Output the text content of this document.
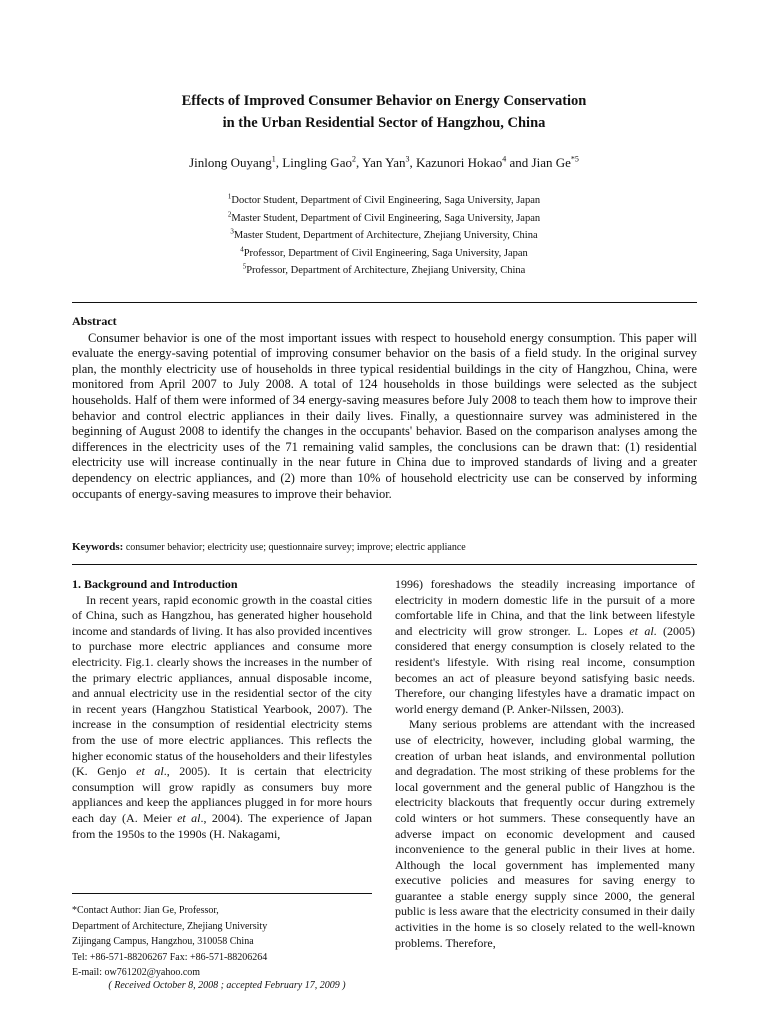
Effects of Improved Consumer Behavior on Energy Conservation
in the Urban Residential Sector of Hangzhou, China
Jinlong Ouyang$^1$, Lingling Gao$^2$, Yan Yan$^3$, Kazunori Hokao$^4$ and Jian Ge$^{*5}$
$^1$Doctor Student, Department of Civil Engineering, Saga University, Japan
$^2$Master Student, Department of Civil Engineering, Saga University, Japan
$^3$Master Student, Department of Architecture, Zhejiang University, China
$^4$Professor, Department of Civil Engineering, Saga University, Japan
$^5$Professor, Department of Architecture, Zhejiang University, China
Abstract
Consumer behavior is one of the most important issues with respect to household energy consumption. This paper will evaluate the energy-saving potential of improving consumer behavior on the basis of a field study. In the original survey plan, the monthly electricity use of households in three typical residential buildings in the city of Hangzhou, China, were monitored from April 2007 to July 2008. A total of 124 households in those buildings were selected as the subject households. Half of them were informed of 34 energy-saving measures before July 2008 to teach them how to improve their behavior and control electric appliances in their daily lives. Finally, a questionnaire survey was administered in the beginning of August 2008 to identify the changes in the occupants' behavior. Based on the comparison analyses among the differences in the electricity uses of the 71 remaining valid samples, the conclusions can be drawn that: (1) residential electricity use will increase continually in the near future in China due to improved standards of living and a greater dependency on electric appliances, and (2) more than 10% of household electricity use can be conserved by informing occupants of energy-saving measures to improve their behavior.
Keywords: consumer behavior; electricity use; questionnaire survey; improve; electric appliance
1. Background and Introduction

In recent years, rapid economic growth in the coastal cities of China, such as Hangzhou, has generated higher household income and standards of living. It has also provided incentives to purchase more electric appliances and consume more electricity. Fig.1. clearly shows the increases in the number of the primary electric appliances, annual disposable income, and annual electricity use in the residential sector of the city in recent years (Hangzhou Statistical Yearbook, 2007). The increase in the consumption of residential electricity stems from the use of more electric appliances. This reflects the higher economic status of the householders and their lifestyles (K. Genjo et al., 2005). It is certain that electricity consumption will grow rapidly as consumers buy more appliances and keep the appliances plugged in for more hours each day (A. Meier et al., 2004). The experience of Japan from the 1950s to the 1990s (H. Nakagami,

1996) foreshadows the steadily increasing importance of electricity in modern domestic life in the pursuit of a more comfortable life in China, and that the link between lifestyle and electricity will grow stronger. L. Lopes et al. (2005) considered that energy consumption is closely related to the resident's lifestyle. With rising real income, consumption becomes an act of pleasure beyond satisfying basic needs. Therefore, our changing lifestyles have a dramatic impact on world energy demand (P. Anker-Nilssen, 2003).

Many serious problems are attendant with the increased use of electricity, however, including global warming, the creation of urban heat islands, and environmental pollution and degradation. The most striking of these problems for the local government and the general public of Hangzhou is the electricity blackouts that frequently occur during extremely cold winters or hot summers. These consequently have an adverse impact on economic development and caused inconvenience to the general public in their lives at home. Although the local government has implemented many executive policies and measures for saving energy to guarantee a stable energy supply since 2000, the general public is less aware that the electricity consumed in their daily activities in the home is so closely related to the well-known problems. Therefore,

*Contact Author: Jian Ge, Professor,
Department of Architecture, Zhejiang University
Zijingang Campus, Hangzhou, 310058 China
Tel: +86-571-88206267 Fax: +86-571-88206264
E-mail: ow761202@yahoo.com
( Received October 8, 2008 ; accepted February 17, 2009 )
